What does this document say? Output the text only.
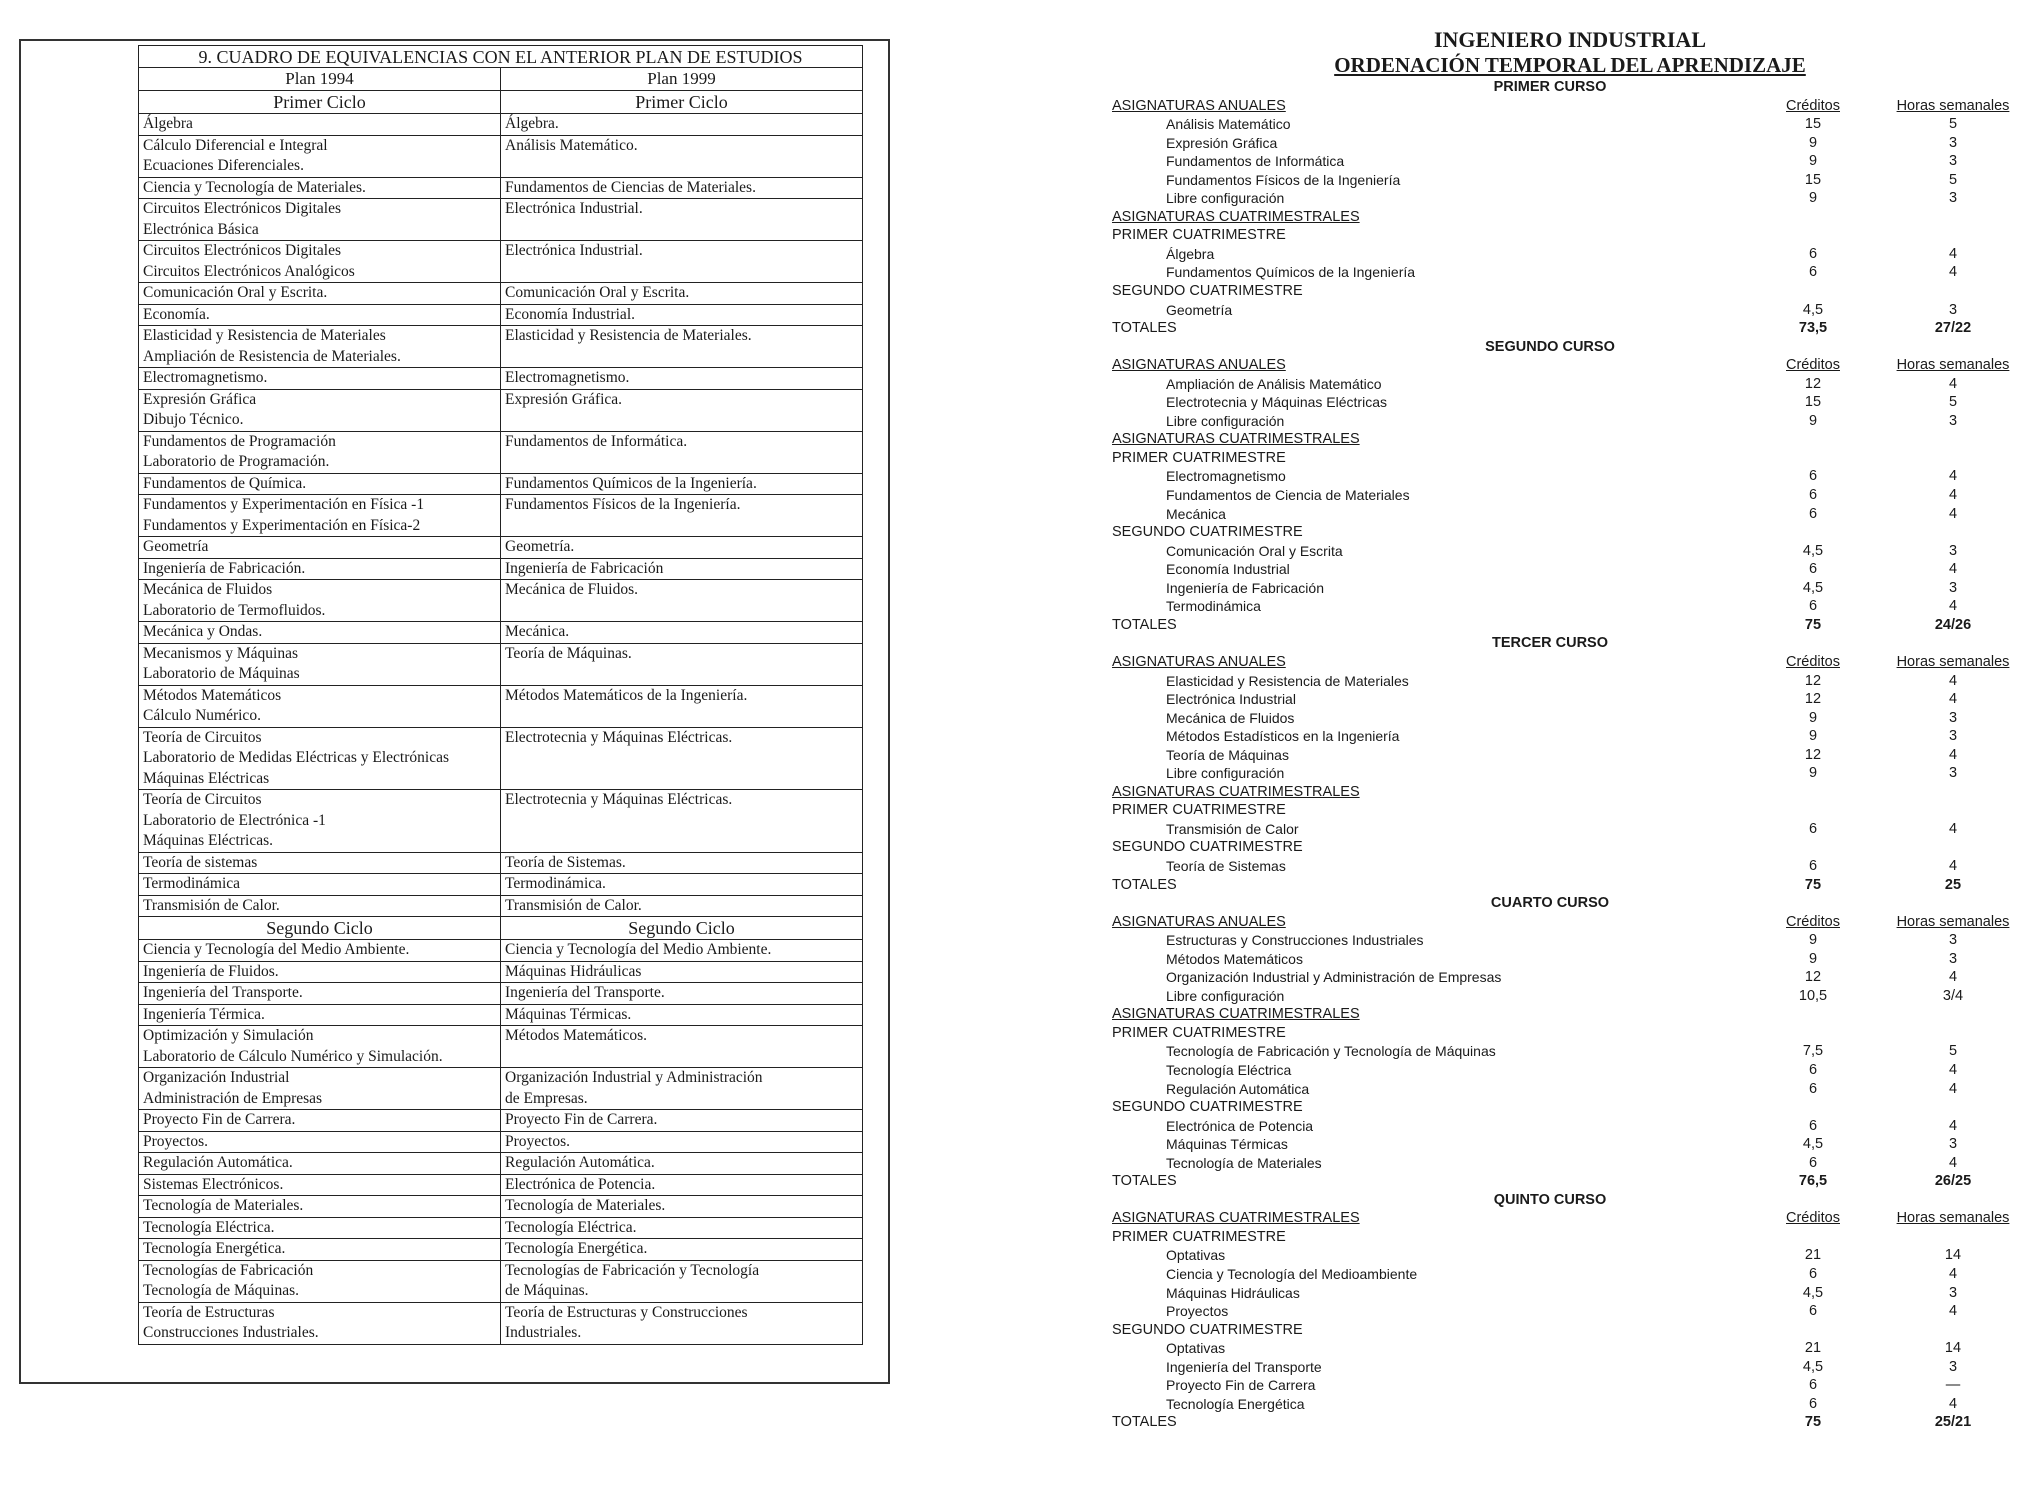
9. CUADRO DE EQUIVALENCIAS CON EL ANTERIOR PLAN DE ESTUDIOS	
Plan 1994	Plan 1999
Primer Ciclo	Primer Ciclo

Álgebra	Álgebra.

Cálculo Diferencial e Integral
Ecuaciones Diferenciales.	Análisis Matemático.

Ciencia y Tecnología de Materiales.	Fundamentos de Ciencias de Materiales.

Circuitos Electrónicos Digitales
Electrónica Básica	Electrónica Industrial.

Circuitos Electrónicos Digitales
Circuitos Electrónicos Analógicos	Electrónica Industrial.

Comunicación Oral y Escrita.	Comunicación Oral y Escrita.

Economía.	Economía Industrial.

Elasticidad y Resistencia de Materiales
Ampliación de Resistencia de Materiales.	Elasticidad y Resistencia de Materiales.

Electromagnetismo.	Electromagnetismo.

Expresión Gráfica
Dibujo Técnico.	Expresión Gráfica.

Fundamentos de Programación
Laboratorio de Programación.	Fundamentos de Informática.

Fundamentos de Química.	Fundamentos Químicos de la Ingeniería.

Fundamentos y Experimentación en Física -1
Fundamentos y Experimentación en Física-2	Fundamentos Físicos de la Ingeniería.

Geometría	Geometría.

Ingeniería de Fabricación.	Ingeniería de Fabricación

Mecánica de Fluidos
Laboratorio de Termofluidos.	Mecánica de Fluidos.

Mecánica y Ondas.	Mecánica.

Mecanismos y Máquinas
Laboratorio de Máquinas	Teoría de Máquinas.

Métodos Matemáticos
Cálculo Numérico.	Métodos Matemáticos de la Ingeniería.

Teoría de Circuitos
Laboratorio de Medidas Eléctricas y Electrónicas
Máquinas Eléctricas	Electrotecnia y Máquinas Eléctricas.

Teoría de Circuitos
Laboratorio de Electrónica -1
Máquinas Eléctricas.	Electrotecnia y Máquinas Eléctricas.

Teoría de sistemas	Teoría de Sistemas.

Termodinámica	Termodinámica.

Transmisión de Calor.	Transmisión de Calor.

Segundo Ciclo	Segundo Ciclo

Ciencia y Tecnología del Medio Ambiente.	Ciencia y Tecnología del Medio Ambiente.

Ingeniería de Fluidos.	Máquinas Hidráulicas

Ingeniería del Transporte.	Ingeniería del Transporte.

Ingeniería Térmica.	Máquinas Térmicas.

Optimización y Simulación
Laboratorio de Cálculo Numérico y Simulación.	Métodos Matemáticos.

Organización Industrial
Administración de Empresas	Organización Industrial y Administración
de Empresas.

Proyecto Fin de Carrera.	Proyecto Fin de Carrera.

Proyectos.	Proyectos.

Regulación Automática.	Regulación Automática.

Sistemas Electrónicos.	Electrónica de Potencia.

Tecnología de Materiales.	Tecnología de Materiales.

Tecnología Eléctrica.	Tecnología Eléctrica.

Tecnología Energética.	Tecnología Energética.

Tecnologías de Fabricación
Tecnología de Máquinas.	Tecnologías de Fabricación y Tecnología
de Máquinas.

Teoría de Estructuras
Construcciones Industriales.	Teoría de Estructuras y Construcciones
Industriales.
INGENIERO INDUSTRIAL
ORDENACIÓN TEMPORAL DEL APRENDIZAJE
PRIMER CURSO
ASIGNATURAS ANUALES	Créditos	Horas semanales
Análisis Matemático	15	5
Expresión Gráfica	9	3
Fundamentos de Informática	9	3
Fundamentos Físicos de la Ingeniería	15	5
Libre configuración	9	3
ASIGNATURAS CUATRIMESTRALES
PRIMER CUATRIMESTRE
Álgebra	6	4
Fundamentos Químicos de la Ingeniería	6	4
SEGUNDO CUATRIMESTRE
Geometría	4,5	3
TOTALES	73,5	27/22
SEGUNDO CURSO
ASIGNATURAS ANUALES	Créditos	Horas semanales
Ampliación de Análisis Matemático	12	4
Electrotecnia y Máquinas Eléctricas	15	5
Libre configuración	9	3
ASIGNATURAS CUATRIMESTRALES
PRIMER CUATRIMESTRE
Electromagnetismo	6	4
Fundamentos de Ciencia de Materiales	6	4
Mecánica	6	4
SEGUNDO CUATRIMESTRE
Comunicación Oral y Escrita	4,5	3
Economía Industrial	6	4
Ingeniería de Fabricación	4,5	3
Termodinámica	6	4
TOTALES	75	24/26
TERCER CURSO
ASIGNATURAS ANUALES	Créditos	Horas semanales
Elasticidad y Resistencia de Materiales	12	4
Electrónica Industrial	12	4
Mecánica de Fluidos	9	3
Métodos Estadísticos en la Ingeniería	9	3
Teoría de Máquinas	12	4
Libre configuración	9	3
ASIGNATURAS CUATRIMESTRALES
PRIMER CUATRIMESTRE
Transmisión de Calor	6	4
SEGUNDO CUATRIMESTRE
Teoría de Sistemas	6	4
TOTALES	75	25
CUARTO CURSO
ASIGNATURAS ANUALES	Créditos	Horas semanales
Estructuras y Construcciones Industriales	9	3
Métodos Matemáticos	9	3
Organización Industrial y Administración de Empresas	12	4
Libre configuración	10,5	3/4
ASIGNATURAS CUATRIMESTRALES
PRIMER CUATRIMESTRE
Tecnología de Fabricación y Tecnología de Máquinas	7,5	5
Tecnología Eléctrica	6	4
Regulación Automática	6	4
SEGUNDO CUATRIMESTRE
Electrónica de Potencia	6	4
Máquinas Térmicas	4,5	3
Tecnología de Materiales	6	4
TOTALES	76,5	26/25
QUINTO CURSO
ASIGNATURAS CUATRIMESTRALES	Créditos	Horas semanales
PRIMER CUATRIMESTRE
Optativas	21	14
Ciencia y Tecnología del Medioambiente	6	4
Máquinas Hidráulicas	4,5	3
Proyectos	6	4
SEGUNDO CUATRIMESTRE
Optativas	21	14
Ingeniería del Transporte	4,5	3
Proyecto Fin de Carrera	6	—
Tecnología Energética	6	4
TOTALES	75	25/21
